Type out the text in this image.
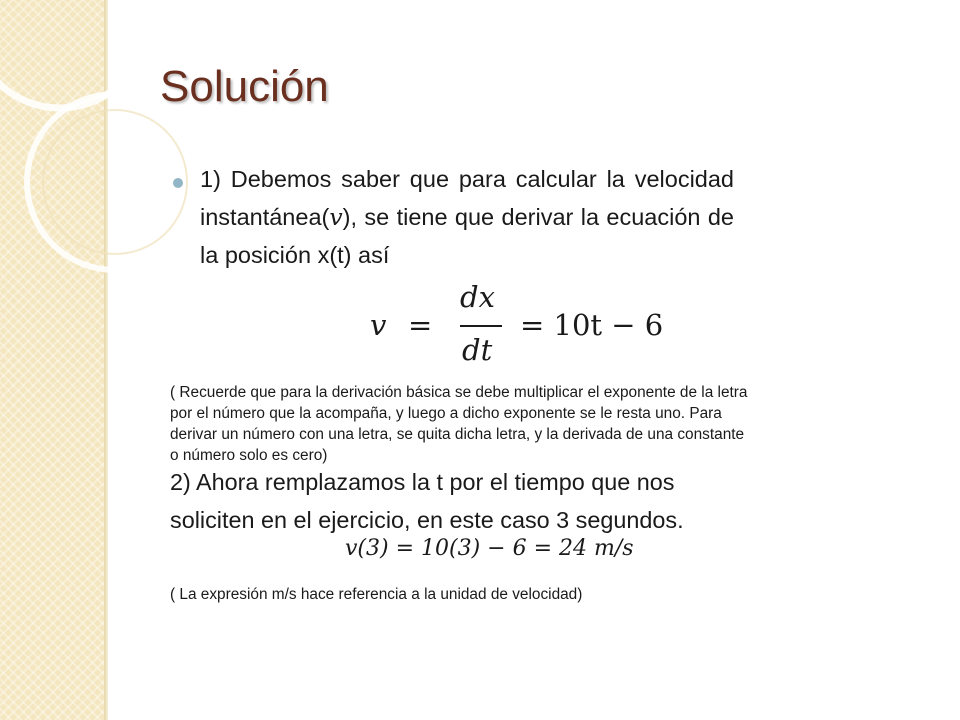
Solución

1) Debemos saber que para calcular la velocidad instantánea(v), se tiene que derivar la ecuación de la posición x(t) así

v =
dx
dt
= 10t − 6

( Recuerde que para la derivación básica se debe multiplicar el exponente de la letra por el número que la acompaña, y luego a dicho exponente se le resta uno. Para derivar un número con una letra, se quita dicha letra, y la derivada de una constante o número solo es cero)

2) Ahora remplazamos la t por el tiempo que nos soliciten en el ejercicio, en este caso 3 segundos.

v(3) = 10(3) − 6 = 24 m/s

( La expresión m/s hace referencia a la unidad de velocidad)
